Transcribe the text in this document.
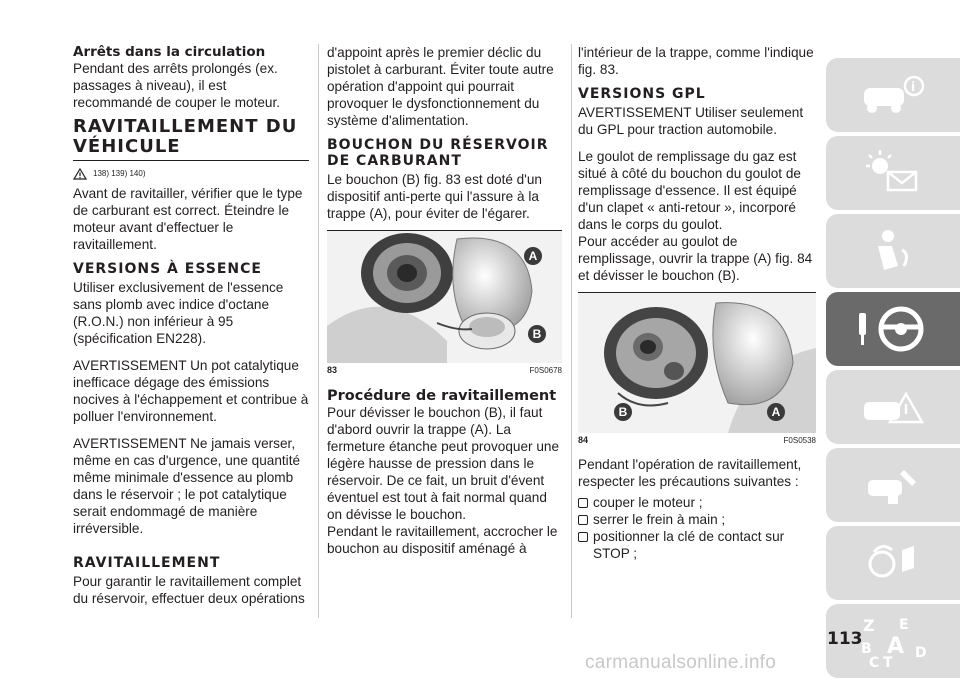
Arrêts dans la circulation

Pendant des arrêts prolongés (ex. passages à niveau), il est recommandé de couper le moteur.

RAVITAILLEMENT DU VÉHICULE
138) 139) 140)

Avant de ravitailler, vérifier que le type de carburant est correct. Éteindre le moteur avant d'effectuer le ravitaillement.

VERSIONS À ESSENCE

Utiliser exclusivement de l'essence sans plomb avec indice d'octane (R.O.N.) non inférieur à 95 (spécification EN228).

AVERTISSEMENT Un pot catalytique inefficace dégage des émissions nocives à l'échappement et contribue à polluer l'environnement.

AVERTISSEMENT Ne jamais verser, même en cas d'urgence, une quantité même minimale d'essence au plomb dans le réservoir ; le pot catalytique serait endommagé de manière irréversible.

RAVITAILLEMENT

Pour garantir le ravitaillement complet du réservoir, effectuer deux opérations

d'appoint après le premier déclic du pistolet à carburant. Éviter toute autre opération d'appoint qui pourrait provoquer le dysfonctionnement du système d'alimentation.

BOUCHON DU RÉSERVOIR DE CARBURANT

Le bouchon (B) fig. 83 est doté d'un dispositif anti-perte qui l'assure à la trappe (A), pour éviter de l'égarer.

A
B
83	F0S0678
Procédure de ravitaillement

Pour dévisser le bouchon (B), il faut d'abord ouvrir la trappe (A). La fermeture étanche peut provoquer une légère hausse de pression dans le réservoir. De ce fait, un bruit d'évent éventuel est tout à fait normal quand on dévisse le bouchon.

Pendant le ravitaillement, accrocher le bouchon au dispositif aménagé à

l'intérieur de la trappe, comme l'indique fig. 83.

VERSIONS GPL

AVERTISSEMENT Utiliser seulement du GPL pour traction automobile.

Le goulot de remplissage du gaz est situé à côté du bouchon du goulot de remplissage d'essence. Il est équipé d'un clapet « anti-retour », incorporé dans le corps du goulot.

Pour accéder au goulot de remplissage, ouvrir la trappe (A) fig. 84 et dévisser le bouchon (B).

B	A
84	F0S0538

Pendant l'opération de ravitaillement, respecter les précautions suivantes :

couper le moteur ;
serrer le frein à main ;
positionner la clé de contact sur STOP ;
i
Z E
B A
C T
D
113
carmanualsonline.info
